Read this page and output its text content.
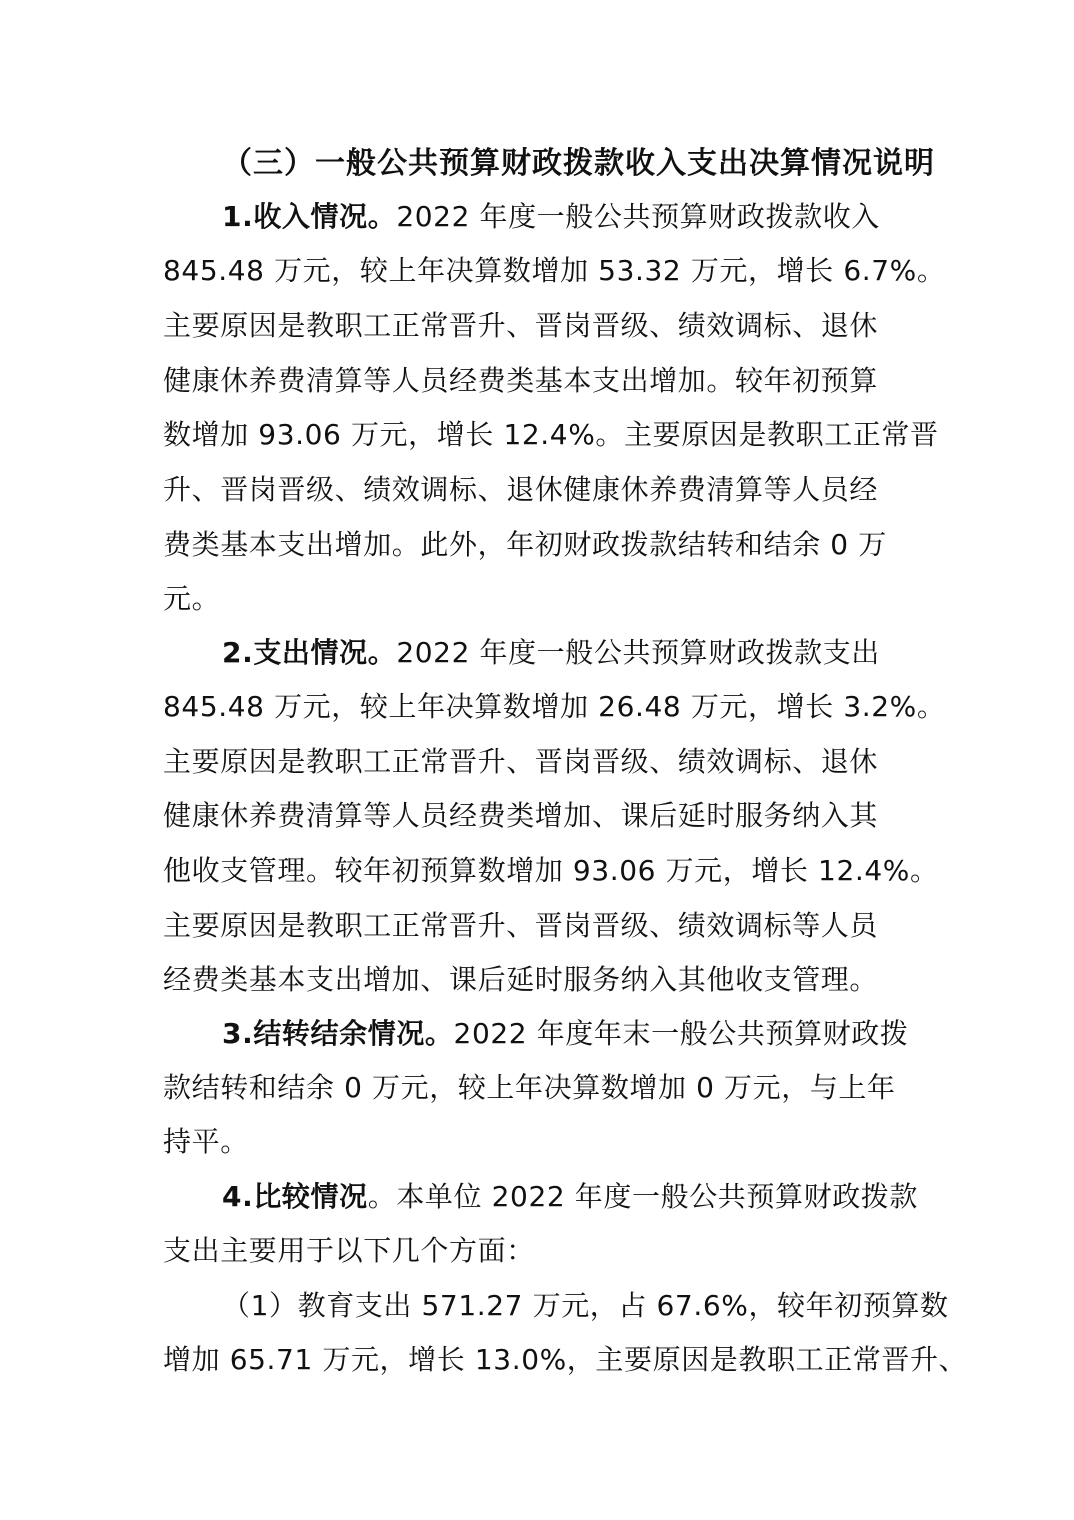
（三）一般公共预算财政拨款收入支出决算情况说明
1.收入情况。2022 年度一般公共预算财政拨款收入
845.48 万元，较上年决算数增加 53.32 万元，增长 6.7%。
主要原因是教职工正常晋升、晋岗晋级、绩效调标、退休
健康休养费清算等人员经费类基本支出增加。较年初预算
数增加 93.06 万元，增长 12.4%。主要原因是教职工正常晋
升、晋岗晋级、绩效调标、退休健康休养费清算等人员经
费类基本支出增加。此外，年初财政拨款结转和结余 0 万
元。
2.支出情况。2022 年度一般公共预算财政拨款支出
845.48 万元，较上年决算数增加 26.48 万元，增长 3.2%。
主要原因是教职工正常晋升、晋岗晋级、绩效调标、退休
健康休养费清算等人员经费类增加、课后延时服务纳入其
他收支管理。较年初预算数增加 93.06 万元，增长 12.4%。
主要原因是教职工正常晋升、晋岗晋级、绩效调标等人员
经费类基本支出增加、课后延时服务纳入其他收支管理。
3.结转结余情况。2022 年度年末一般公共预算财政拨
款结转和结余 0 万元，较上年决算数增加 0 万元，与上年
持平。
4.比较情况。本单位 2022 年度一般公共预算财政拨款
支出主要用于以下几个方面：
（1）教育支出 571.27 万元，占 67.6%，较年初预算数
增加 65.71 万元，增长 13.0%，主要原因是教职工正常晋升、
